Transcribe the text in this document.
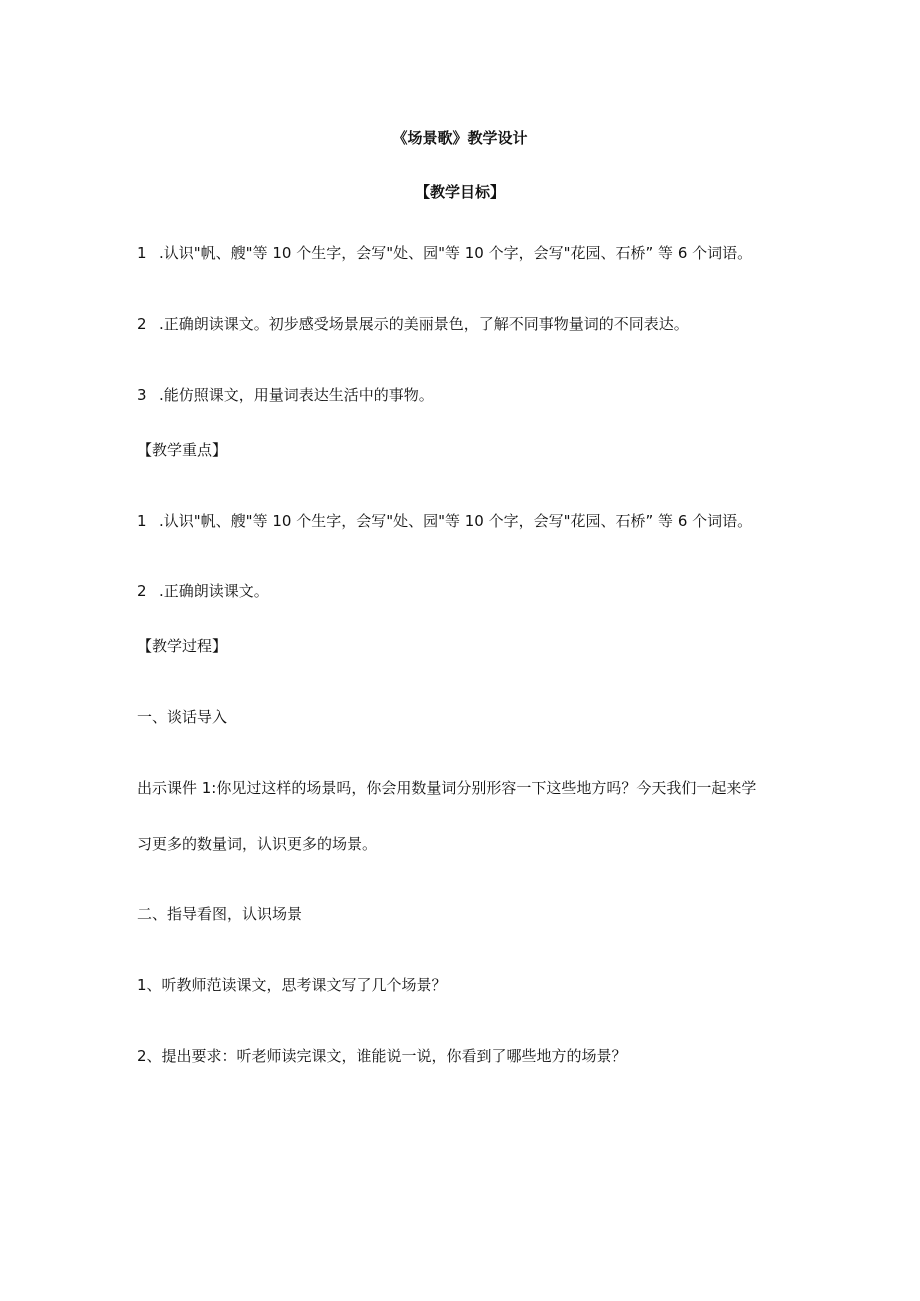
《场景歌》教学设计
【教学目标】
1 .认识"帆、艘"等 10 个生字，会写"处、园"等 10 个字，会写"花园、石桥” 等 6 个词语。
2 .正确朗读课文。初步感受场景展示的美丽景色，了解不同事物量词的不同表达。
3 .能仿照课文，用量词表达生活中的事物。
【教学重点】
1 .认识"帆、艘"等 10 个生字，会写"处、园"等 10 个字，会写"花园、石桥” 等 6 个词语。
2 .正确朗读课文。
【教学过程】
一、谈话导入
出示课件 1:你见过这样的场景吗，你会用数量词分别形容一下这些地方吗？今天我们一起来学
习更多的数量词，认识更多的场景。
二、指导看图，认识场景
1、听教师范读课文，思考课文写了几个场景？
2、提出要求：听老师读完课文，谁能说一说，你看到了哪些地方的场景？
